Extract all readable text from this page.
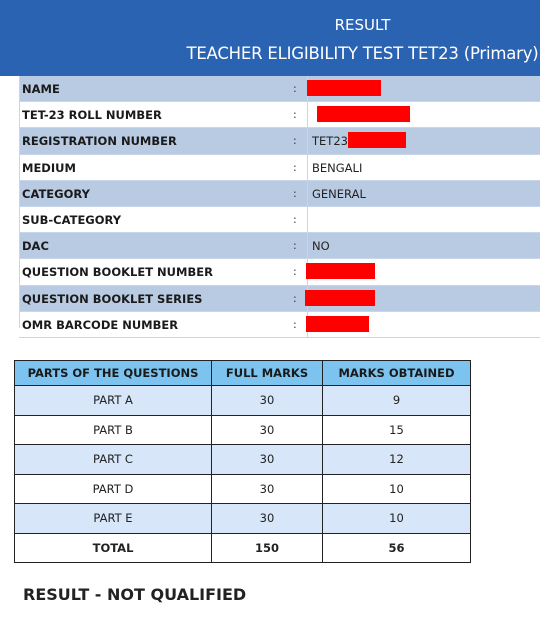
RESULT
TEACHER ELIGIBILITY TEST TET23 (Primary)
NAME	:
TET-23 ROLL NUMBER	:
REGISTRATION NUMBER	: TET23
MEDIUM	: BENGALI
CATEGORY	: GENERAL
SUB-CATEGORY	:
DAC	: NO
QUESTION BOOKLET NUMBER	:
QUESTION BOOKLET SERIES	:
OMR BARCODE NUMBER	:
PARTS OF THE QUESTIONS	FULL MARKS	MARKS OBTAINED
PART A	30	9
PART B	30	15
PART C	30	12
PART D	30	10
PART E	30	10
TOTAL	150	56
RESULT - NOT QUALIFIED
